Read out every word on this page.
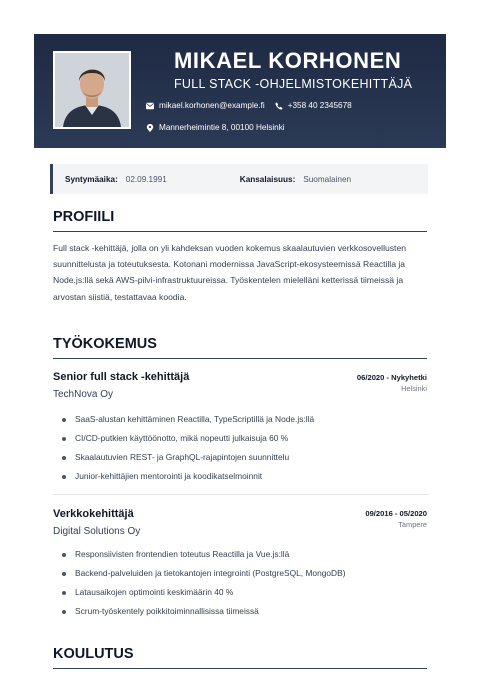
MIKAEL KORHONEN
FULL STACK -OHJELMISTOKEHITTÄJÄ
mikael.korhonen@example.fi	+358 40 2345678
Mannerheimintie 8, 00100 Helsinki
Syntymäaika: 02.09.1991	Kansalaisuus: Suomalainen
PROFIILI
Full stack -kehittäjä, jolla on yli kahdeksan vuoden kokemus skaalautuvien verkkosovellusten suunnittelusta ja toteutuksesta. Kotonani modernissa JavaScript-ekosysteemissä Reactilla ja Node.js:llä sekä AWS-pilvi-infrastruktuureissa. Työskentelen mielelläni ketterissä tiimeissä ja arvostan siistiä, testattavaa koodia.
TYÖKOKEMUS
Senior full stack -kehittäjä	06/2020 - Nykyhetki
TechNova Oy
Helsinki
SaaS-alustan kehittäminen Reactilla, TypeScriptillä ja Node.js:llä
CI/CD-putkien käyttöönotto, mikä nopeutti julkaisuja 60 %
Skaalautuvien REST- ja GraphQL-rajapintojen suunnittelu
Junior-kehittäjien mentorointi ja koodikatselmoinnit
Verkkokehittäjä	09/2016 - 05/2020
Digital Solutions Oy
Tampere
Responsiivisten frontendien toteutus Reactilla ja Vue.js:llä
Backend-palveluiden ja tietokantojen integrointi (PostgreSQL, MongoDB)
Latausaikojen optimointi keskimäärin 40 %
Scrum-työskentely poikkitoiminnallisissa tiimeissä
KOULUTUS
